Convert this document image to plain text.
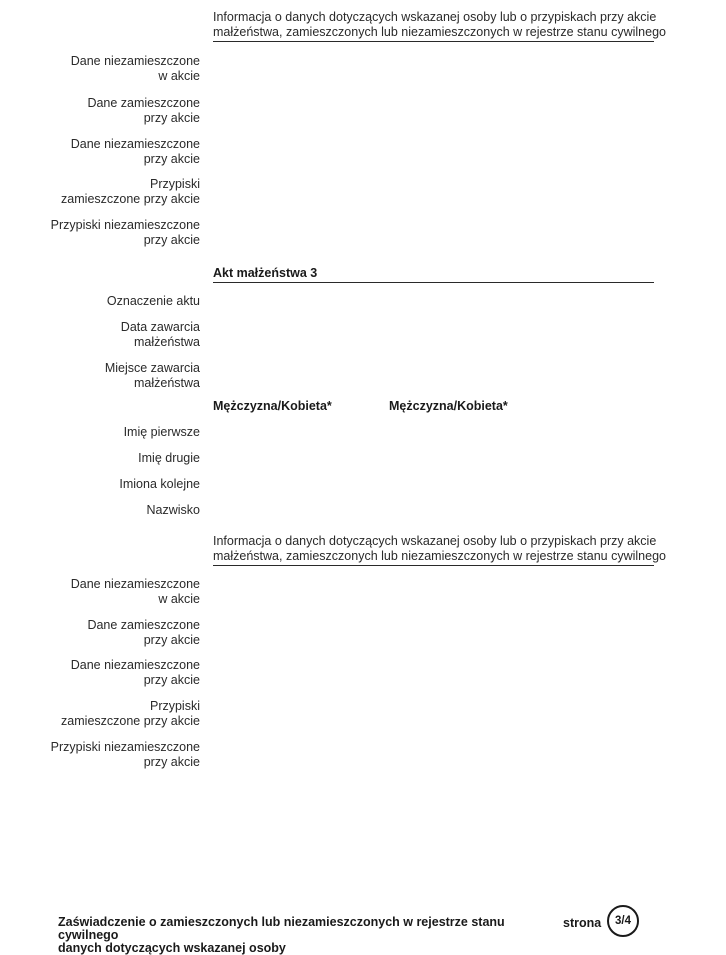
Informacja o danych dotyczących wskazanej osoby lub o przypiskach przy akcie
małżeństwa, zamieszczonych lub niezamieszczonych w rejestrze stanu cywilnego
Dane niezamieszczone
w akcie
Dane zamieszczone
przy akcie
Dane niezamieszczone
przy akcie
Przypiski
zamieszczone przy akcie
Przypiski niezamieszczone
przy akcie
Akt małżeństwa 3
Oznaczenie aktu
Data zawarcia
małżeństwa
Miejsce zawarcia
małżeństwa
Mężczyzna/Kobieta*	Mężczyzna/Kobieta*
Imię pierwsze
Imię drugie
Imiona kolejne
Nazwisko
Informacja o danych dotyczących wskazanej osoby lub o przypiskach przy akcie
małżeństwa, zamieszczonych lub niezamieszczonych w rejestrze stanu cywilnego
Dane niezamieszczone
w akcie
Dane zamieszczone
przy akcie
Dane niezamieszczone
przy akcie
Przypiski
zamieszczone przy akcie
Przypiski niezamieszczone
przy akcie
Zaświadczenie o zamieszczonych lub niezamieszczonych w rejestrze stanu cywilnego
danych dotyczących wskazanej osoby
strona	3/4
